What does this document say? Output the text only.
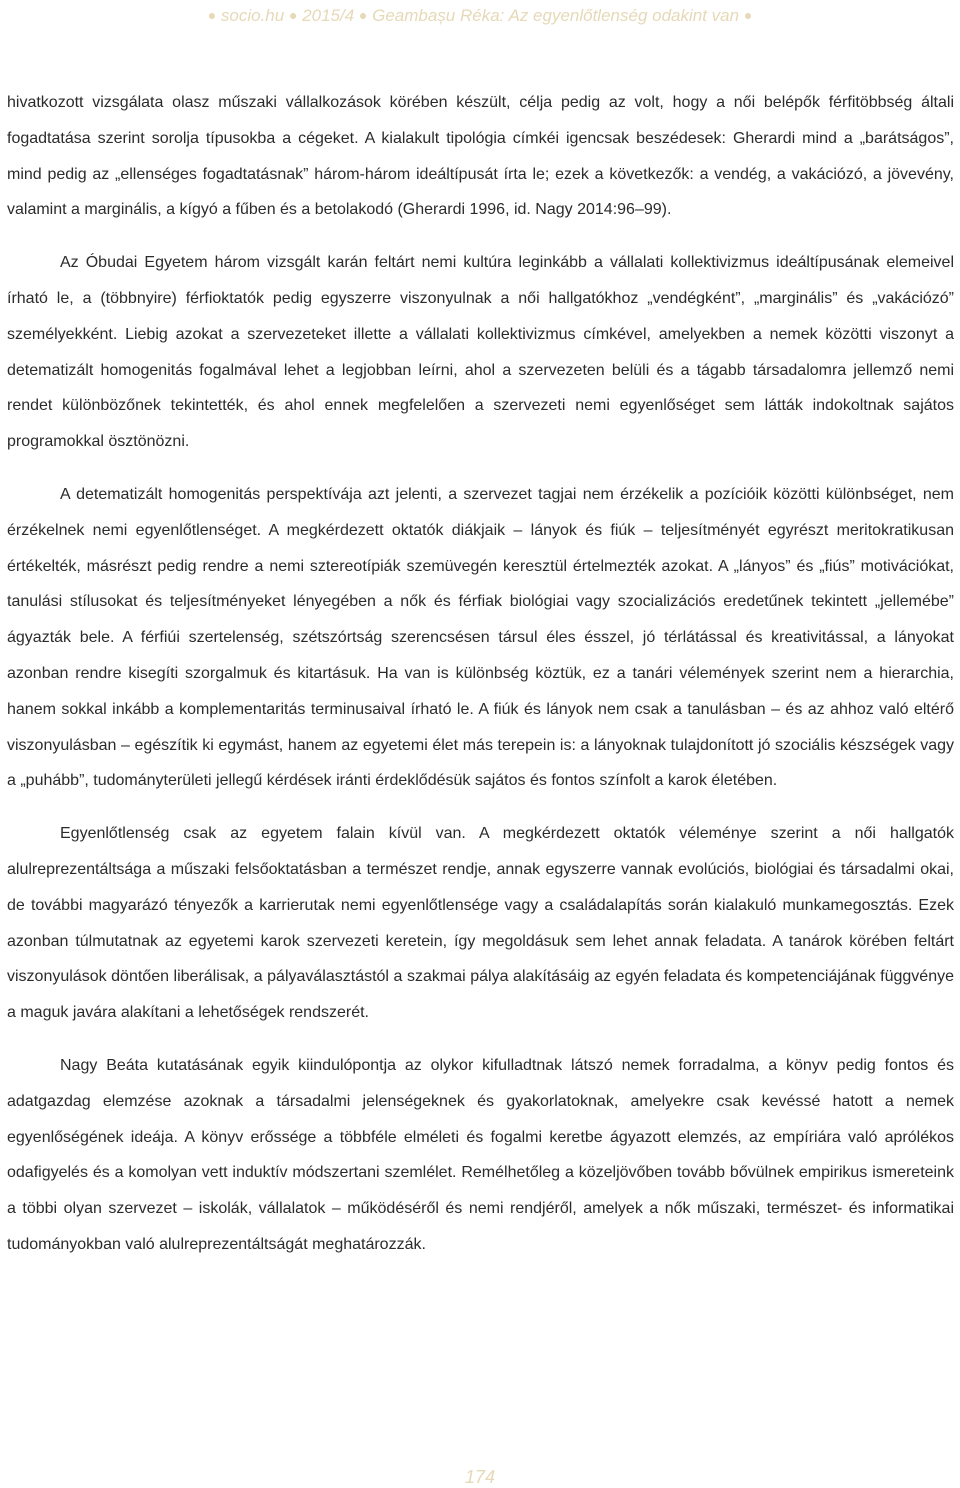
● socio.hu ● 2015/4 ● Geambașu Réka: Az egyenlőtlenség odakint van ●

hivatkozott vizsgálata olasz műszaki vállalkozások körében készült, célja pedig az volt, hogy a női belépők férfitöbbség általi fogadtatása szerint sorolja típusokba a cégeket. A kialakult tipológia címkéi igencsak beszédesek: Gherardi mind a „barátságos”, mind pedig az „ellenséges fogadtatásnak” három-három ideáltípusát írta le; ezek a következők: a vendég, a vakációzó, a jövevény, valamint a marginális, a kígyó a fűben és a betolakodó (Gherardi 1996, id. Nagy 2014:96–99).

Az Óbudai Egyetem három vizsgált karán feltárt nemi kultúra leginkább a vállalati kollektivizmus ideáltípusának elemeivel írható le, a (többnyire) férfioktatók pedig egyszerre viszonyulnak a női hallgatókhoz „vendégként”, „marginális” és „vakációzó” személyekként. Liebig azokat a szervezeteket illette a vállalati kollektivizmus címkével, amelyekben a nemek közötti viszonyt a detematizált homogenitás fogalmával lehet a legjobban leírni, ahol a szervezeten belüli és a tágabb társadalomra jellemző nemi rendet különbözőnek tekintették, és ahol ennek megfelelően a szervezeti nemi egyenlőséget sem látták indokoltnak sajátos programokkal ösztönözni.

A detematizált homogenitás perspektívája azt jelenti, a szervezet tagjai nem érzékelik a pozícióik közötti különbséget, nem érzékelnek nemi egyenlőtlenséget. A megkérdezett oktatók diákjaik – lányok és fiúk – teljesítményét egyrészt meritokratikusan értékelték, másrészt pedig rendre a nemi sztereotípiák szemüvegén keresztül értelmezték azokat. A „lányos” és „fiús” motivációkat, tanulási stílusokat és teljesítményeket lényegében a nők és férfiak biológiai vagy szocializációs eredetűnek tekintett „jellemébe” ágyazták bele. A férfiúi szertelenség, szétszórtság szerencsésen társul éles ésszel, jó térlátással és kreativitással, a lányokat azonban rendre kisegíti szorgalmuk és kitartásuk. Ha van is különbség köztük, ez a tanári vélemények szerint nem a hierarchia, hanem sokkal inkább a komplementaritás terminusaival írható le. A fiúk és lányok nem csak a tanulásban – és az ahhoz való eltérő viszonyulásban – egészítik ki egymást, hanem az egyetemi élet más terepein is: a lányoknak tulajdonított jó szociális készségek vagy a „puhább”, tudományterületi jellegű kérdések iránti érdeklődésük sajátos és fontos színfolt a karok életében.

Egyenlőtlenség csak az egyetem falain kívül van. A megkérdezett oktatók véleménye szerint a női hallgatók alulreprezentáltsága a műszaki felsőoktatásban a természet rendje, annak egyszerre vannak evolúciós, biológiai és társadalmi okai, de további magyarázó tényezők a karrierutak nemi egyenlőtlensége vagy a családalapítás során kialakuló munkamegosztás. Ezek azonban túlmutatnak az egyetemi karok szervezeti keretein, így megoldásuk sem lehet annak feladata. A tanárok körében feltárt viszonyulások döntően liberálisak, a pályaválasztástól a szakmai pálya alakításáig az egyén feladata és kompetenciájának függvénye a maguk javára alakítani a lehetőségek rendszerét.

Nagy Beáta kutatásának egyik kiindulópontja az olykor kifulladtnak látszó nemek forradalma, a könyv pedig fontos és adatgazdag elemzése azoknak a társadalmi jelenségeknek és gyakorlatoknak, amelyekre csak kevéssé hatott a nemek egyenlőségének ideája. A könyv erőssége a többféle elméleti és fogalmi keretbe ágyazott elemzés, az empíriára való aprólékos odafigyelés és a komolyan vett induktív módszertani szemlélet. Remélhetőleg a közeljövőben tovább bővülnek empirikus ismereteink a többi olyan szervezet – iskolák, vállalatok – működéséről és nemi rendjéről, amelyek a nők műszaki, természet- és informatikai tudományokban való alulreprezentáltságát meghatározzák.

174
